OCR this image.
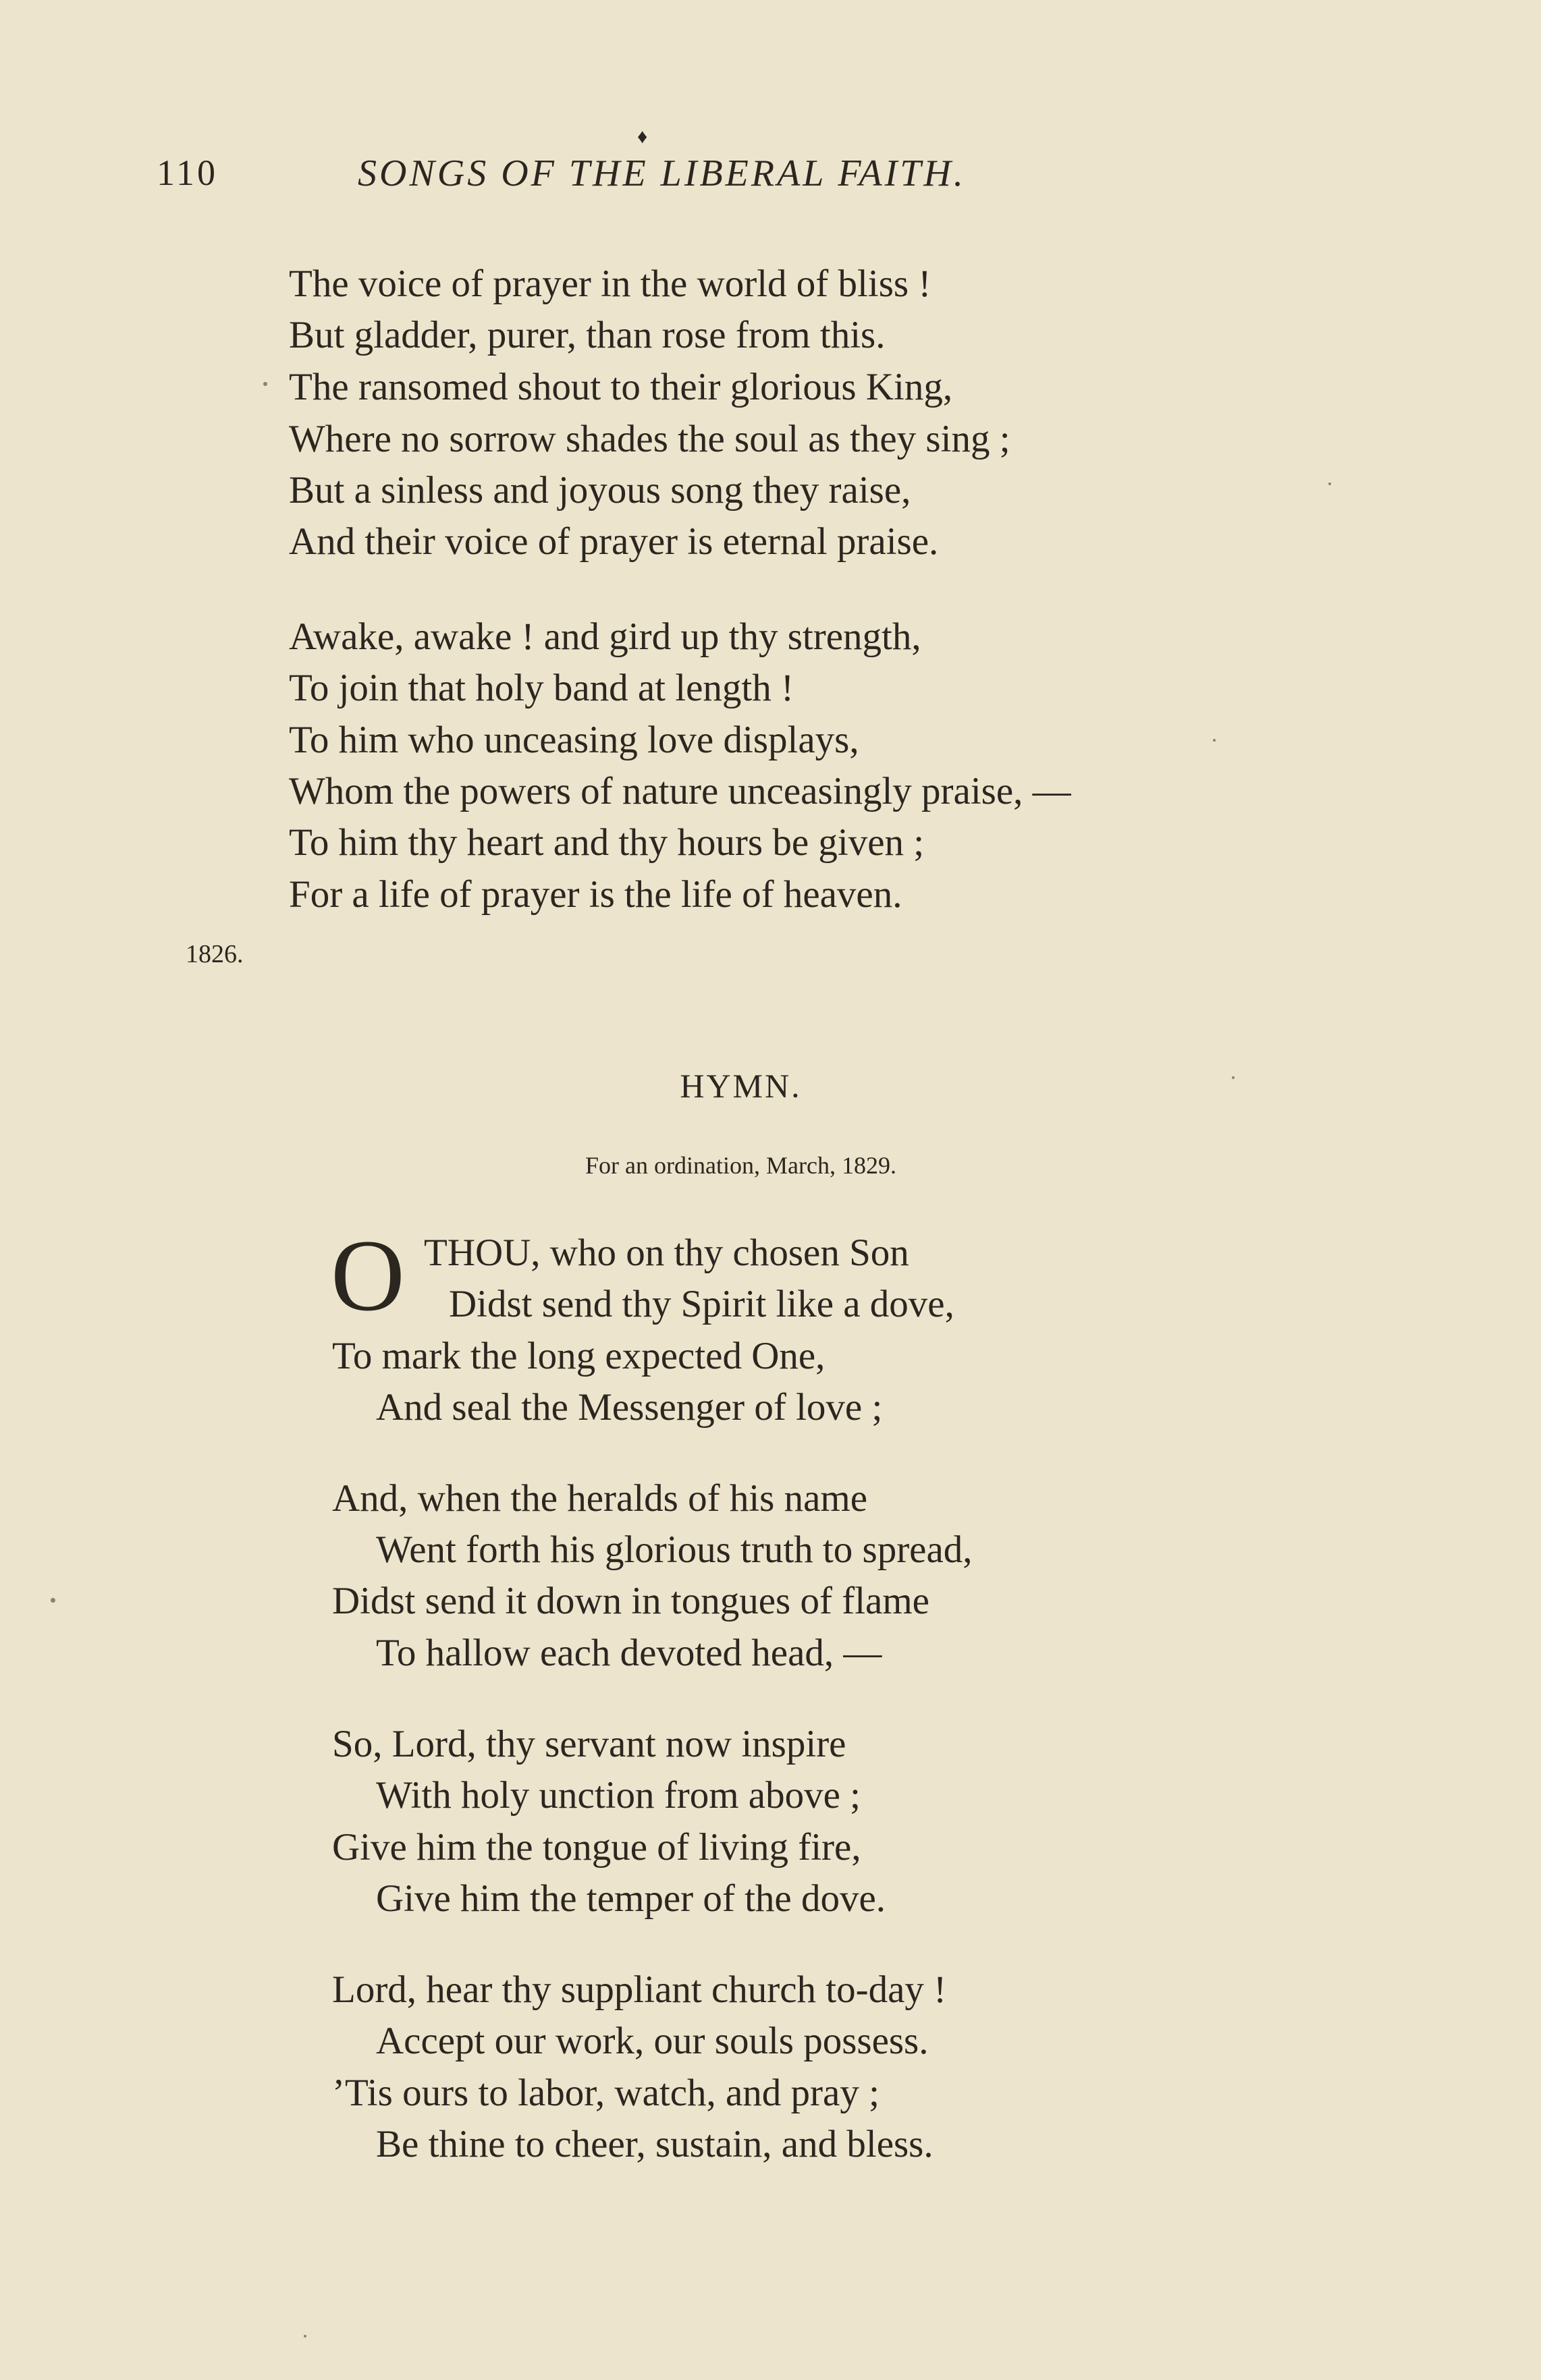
♦
110	SONGS OF THE LIBERAL FAITH.
The voice of prayer in the world of bliss !
But gladder, purer, than rose from this.
The ransomed shout to their glorious King,
Where no sorrow shades the soul as they sing ;
But a sinless and joyous song they raise,
And their voice of prayer is eternal praise.
Awake, awake ! and gird up thy strength,
To join that holy band at length !
To him who unceasing love displays,
Whom the powers of nature unceasingly praise, —
To him thy heart and thy hours be given ;
For a life of prayer is the life of heaven.
1826.
HYMN.
For an ordination, March, 1829.
O THOU, who on thy chosen Son
Didst send thy Spirit like a dove,
To mark the long expected One,
And seal the Messenger of love ;
And, when the heralds of his name
Went forth his glorious truth to spread,
Didst send it down in tongues of flame
To hallow each devoted head, —
So, Lord, thy servant now inspire
With holy unction from above ;
Give him the tongue of living fire,
Give him the temper of the dove.
Lord, hear thy suppliant church to-day !
Accept our work, our souls possess.
’Tis ours to labor, watch, and pray ;
Be thine to cheer, sustain, and bless.
